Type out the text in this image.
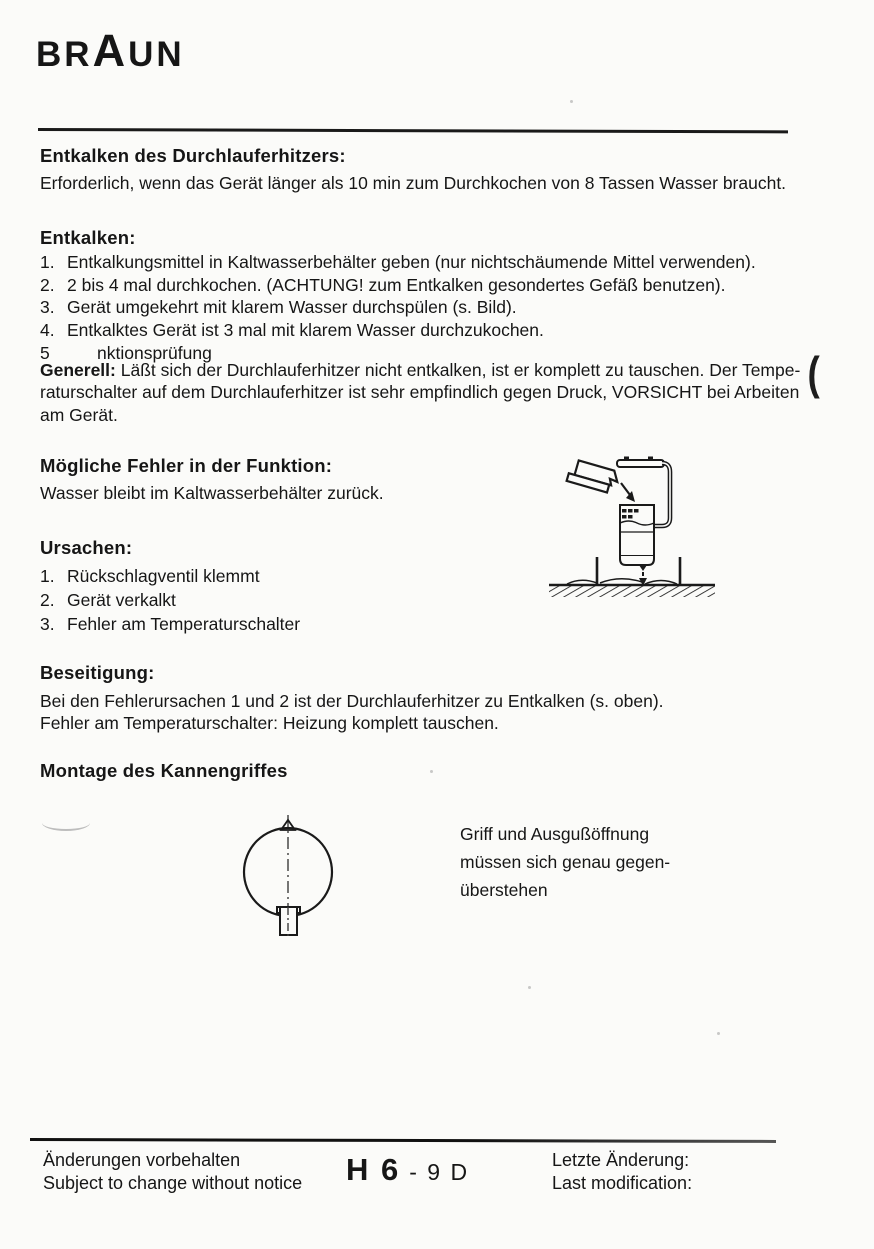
BRAUN
Entkalken des Durchlauferhitzers:
Erforderlich, wenn das Gerät länger als 10 min zum Durchkochen von 8 Tassen Wasser braucht.
Entkalken:
1. Entkalkungsmittel in Kaltwasserbehälter geben (nur nichtschäumende Mittel verwenden).
2. 2 bis 4 mal durchkochen. (ACHTUNG! zum Entkalken gesondertes Gefäß benutzen).
3. Gerät umgekehrt mit klarem Wasser durchspülen (s. Bild).
4. Entkalktes Gerät ist 3 mal mit klarem Wasser durchzukochen.
5	nktionsprüfung
Generell: Läßt sich der Durchlauferhitzer nicht entkalken, ist er komplett zu tauschen. Der Tempe-
raturschalter auf dem Durchlauferhitzer ist sehr empfindlich gegen Druck, VORSICHT bei Arbeiten
am Gerät.
(
Mögliche Fehler in der Funktion:
Wasser bleibt im Kaltwasserbehälter zurück.
Ursachen:
1. Rückschlagventil klemmt
2. Gerät verkalkt
3. Fehler am Temperaturschalter
Beseitigung:
Bei den Fehlerursachen 1 und 2 ist der Durchlauferhitzer zu Entkalken (s. oben).
Fehler am Temperaturschalter: Heizung komplett tauschen.
Montage des Kannengriffes
Griff und Ausgußöffnung
müssen sich genau gegen-
überstehen
Änderungen vorbehalten
Subject to change without notice H 6 - 9 D	Letzte Änderung:
Last modification:
